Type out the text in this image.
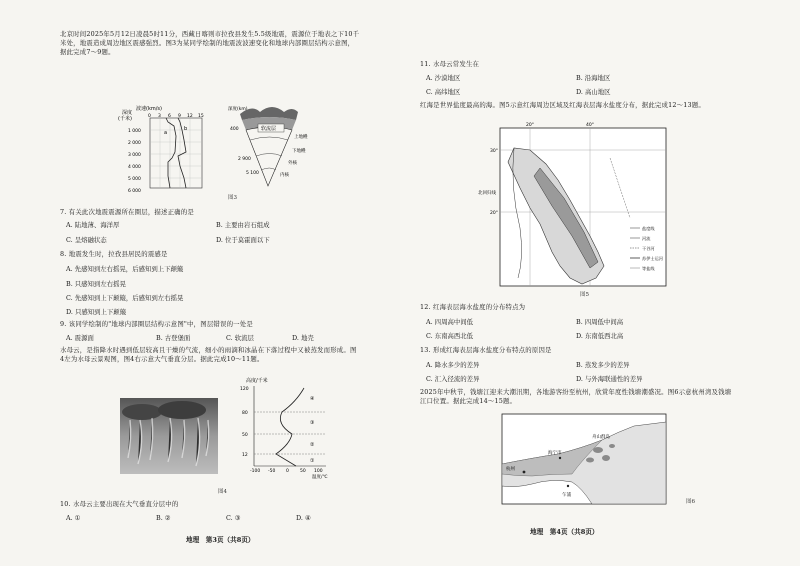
北京时间2025年5月12日凌晨5时11分，西藏日喀则市拉孜县发生5.5级地震，震源位于地表之下10千米处，地震造成周边地区震感强烈。图3为某同学绘制的地震波波速变化和地球内部圈层结构示意图，据此完成7～9题。
深度
(千米)
波速(km/s)
0 3 6 9 12 15
1 000
2 000
3 000
4 000
5 000
6 000
a
b
深度(km)
软流层
上地幔
下地幔
外核
内核
400
2 900
5 100
图3
7. 有关此次地震震源所在圈层，描述正确的是
A. 陆地薄、海洋厚	B. 主要由岩石组成
C. 呈熔融状态	D. 位于莫霍面以下
8. 地震发生时，拉孜县居民的震感是
A. 先感知到左右摇晃，后感知到上下颠簸
B. 只感知到左右摇晃
C. 先感知到上下颠簸，后感知到左右摇晃
D. 只感知到上下颠簸
9. 该同学绘制的"地球内部圈层结构示意图"中，图层错误的一处是
A. 震源面	B. 古登堡面	C. 软流层	D. 地壳
水母云，是指降水时遇到低层较高且干燥的气流，细小的雨滴和冰晶在下落过程中又被蒸发而形成。图4左为水母云景观图，图4右示意大气垂直分层。据此完成10～11题。
高度/千米
12
50
80
120
-100 -50 0 50 100
温度/℃
①
②
③
④
图4
10. 水母云主要出现在大气垂直分层中的
A. ①	B. ②	C. ③	D. ④
地理　第3页（共8页）
11. 水母云常发生在
A. 沙漠地区	B. 沿海地区
C. 高纬地区	D. 高山地区
红海是世界盐度最高的海。图5示意红海周边区域及红海表层海水盐度分布，据此完成12～13题。
30°
20°
20°	40°
北回归线
盐度线
河流
干谷河
苏伊士运河
等盐线
图5
12. 红海表层海水盐度的分布特点为
A. 四周高中间低	B. 四周低中间高
C. 东南高西北低	D. 东南低西北高
13. 形成红海表层海水盐度分布特点的原因是
A. 降水多少的差异	B. 蒸发多少的差异
C. 汇入径流的差异	D. 与外海联通性的差异
2025年中秋节，钱塘江迎来大潮汛期，各地游客纷至杭州，欣赏年度性钱塘潮盛况。图6示意杭州湾及钱塘江口位置。据此完成14～15题。
杭州
海宁市
舟山群岛
乍浦
图6
地理　第4页（共8页）
